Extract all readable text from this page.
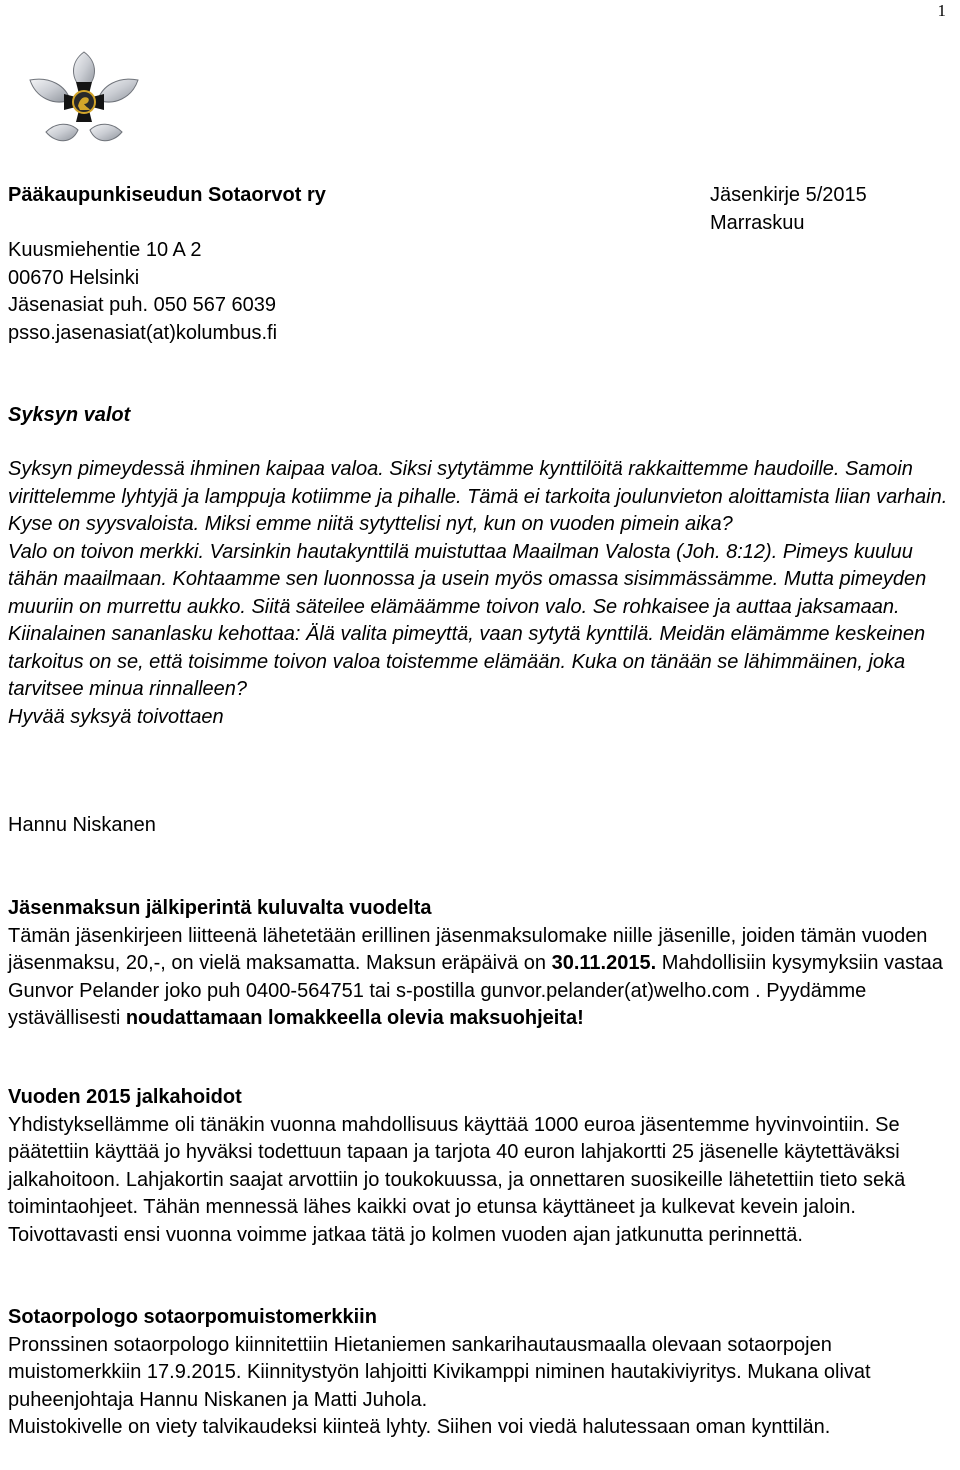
1
Pääkaupunkiseudun Sotaorvot ry	Jäsenkirje 5/2015
Marraskuu
Kuusmiehentie 10 A 2
00670 Helsinki
Jäsenasiat puh. 050 567 6039
psso.jasenasiat(at)kolumbus.fi
Syksyn valot

Syksyn pimeydessä ihminen kaipaa valoa. Siksi sytytämme kynttilöitä rakkaittemme haudoille. Samoin virittelemme lyhtyjä ja lamppuja kotiimme ja pihalle. Tämä ei tarkoita joulunvieton aloittamista liian varhain. Kyse on syysvaloista. Miksi emme niitä sytyttelisi nyt, kun on vuoden pimein aika?

Valo on toivon merkki. Varsinkin hautakynttilä muistuttaa Maailman Valosta (Joh. 8:12). Pimeys kuuluu tähän maailmaan. Kohtaamme sen luonnossa ja usein myös omassa sisimmässämme. Mutta pimeyden muuriin on murrettu aukko. Siitä säteilee elämäämme toivon valo. Se rohkaisee ja auttaa jaksamaan.

Kiinalainen sananlasku kehottaa: Älä valita pimeyttä, vaan sytytä kynttilä. Meidän elämämme keskeinen tarkoitus on se, että toisimme toivon valoa toistemme elämään. Kuka on tänään se lähimmäinen, joka tarvitsee minua rinnalleen?

Hyvää syksyä toivottaen

Hannu Niskanen
Jäsenmaksun jälkiperintä kuluvalta vuodelta

Tämän jäsenkirjeen liitteenä lähetetään erillinen jäsenmaksulomake niille jäsenille, joiden tämän vuoden jäsenmaksu, 20,-, on vielä maksamatta. Maksun eräpäivä on 30.11.2015. Mahdollisiin kysymyksiin vastaa Gunvor Pelander joko puh 0400-564751 tai s-postilla gunvor.pelander(at)welho.com . Pyydämme ystävällisesti noudattamaan lomakkeella olevia maksuohjeita!

Vuoden 2015 jalkahoidot

Yhdistyksellämme oli tänäkin vuonna mahdollisuus käyttää 1000 euroa jäsentemme hyvinvointiin. Se päätettiin käyttää jo hyväksi todettuun tapaan ja tarjota 40 euron lahjakortti 25 jäsenelle käytettäväksi jalkahoitoon. Lahjakortin saajat arvottiin jo toukokuussa, ja onnettaren suosikeille lähetettiin tieto sekä toimintaohjeet. Tähän mennessä lähes kaikki ovat jo etunsa käyttäneet ja kulkevat kevein jaloin.

Toivottavasti ensi vuonna voimme jatkaa tätä jo kolmen vuoden ajan jatkunutta perinnettä.

Sotaorpologo sotaorpomuistomerkkiin

Pronssinen sotaorpologo kiinnitettiin Hietaniemen sankarihautausmaalla olevaan sotaorpojen muistomerkkiin 17.9.2015. Kiinnitystyön lahjoitti Kivikamppi niminen hautakiviyritys. Mukana olivat puheenjohtaja Hannu Niskanen ja Matti Juhola.

Muistokivelle on viety talvikaudeksi kiinteä lyhty. Siihen voi viedä halutessaan oman kynttilän.
